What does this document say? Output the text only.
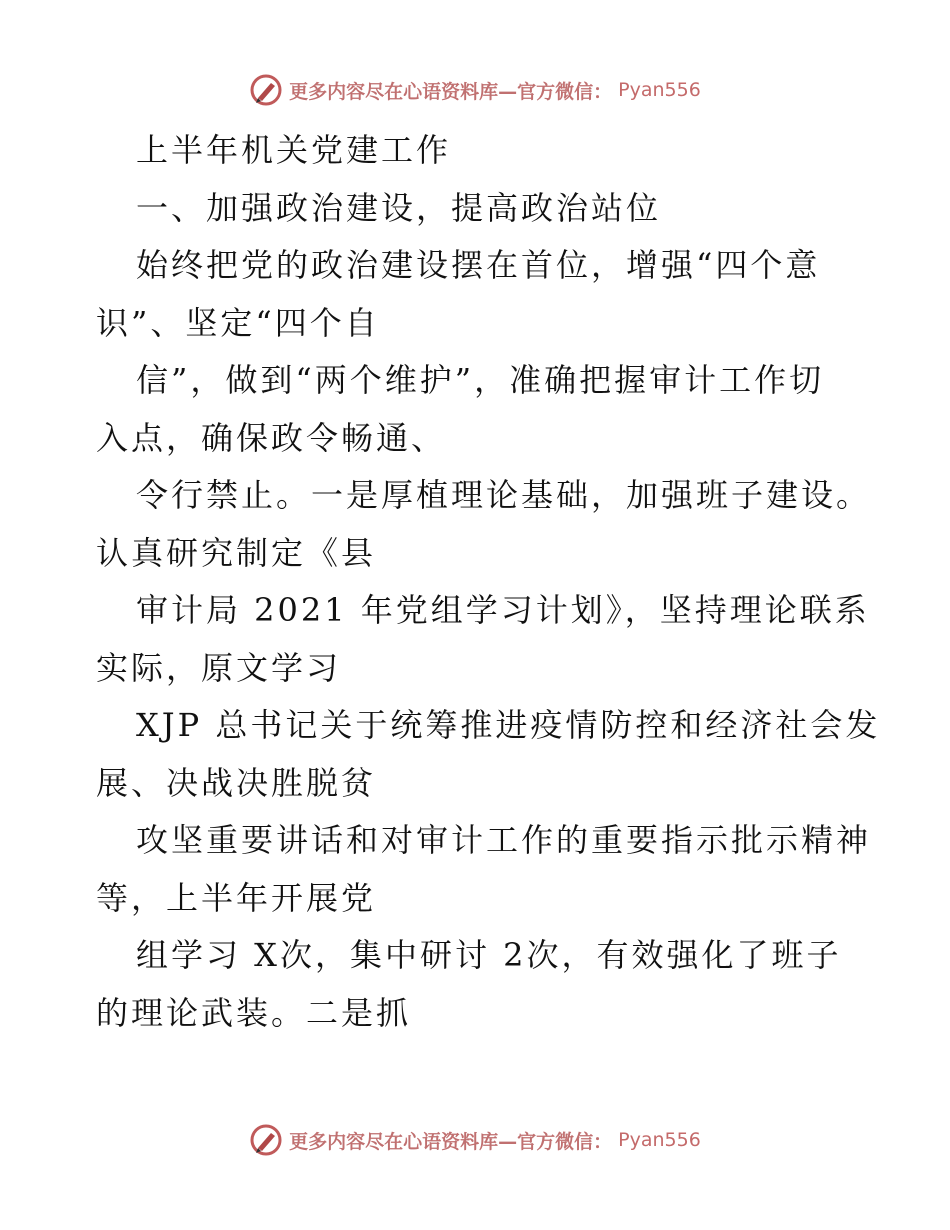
更多内容尽在心语资料库—官方微信： Pyan556
上半年机关党建工作
一、加强政治建设，提高政治站位
始终把党的政治建设摆在首位，增强“四个意
识”、坚定“四个自
信”，做到“两个维护”，准确把握审计工作切
入点，确保政令畅通、
令行禁止。一是厚植理论基础，加强班子建设。
认真研究制定《县
审计局 2021 年党组学习计划》，坚持理论联系
实际，原文学习
XJP 总书记关于统筹推进疫情防控和经济社会发
展、决战决胜脱贫
攻坚重要讲话和对审计工作的重要指示批示精神
等，上半年开展党
组学习 X次，集中研讨 2次，有效强化了班子
的理论武装。二是抓
更多内容尽在心语资料库—官方微信： Pyan556
